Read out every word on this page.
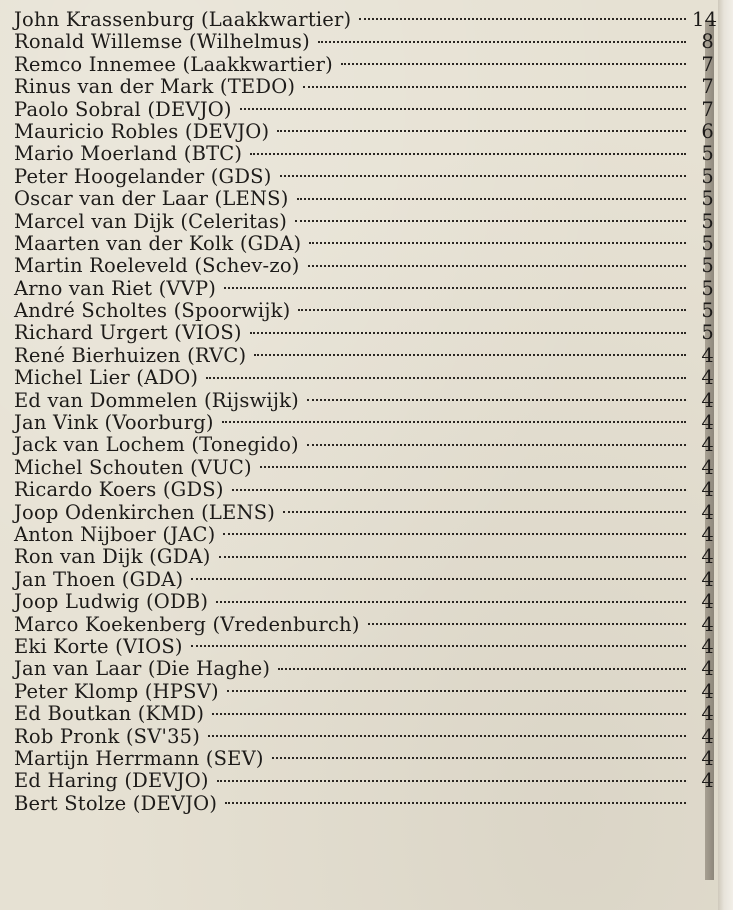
John Krassenburg (Laakkwartier)	14
Ronald Willemse (Wilhelmus)	8
Remco Innemee (Laakkwartier)	7
Rinus van der Mark (TEDO)	7
Paolo Sobral (DEVJO)	7
Mauricio Robles (DEVJO)	6
Mario Moerland (BTC)	5
Peter Hoogelander (GDS)	5
Oscar van der Laar (LENS)	5
Marcel van Dijk (Celeritas)	5
Maarten van der Kolk (GDA)	5
Martin Roeleveld (Schev-zo)	5
Arno van Riet (VVP)	5
André Scholtes (Spoorwijk)	5
Richard Urgert (VIOS)	5
René Bierhuizen (RVC)	4
Michel Lier (ADO)	4
Ed van Dommelen (Rijswijk)	4
Jan Vink (Voorburg)	4
Jack van Lochem (Tonegido)	4
Michel Schouten (VUC)	4
Ricardo Koers (GDS)	4
Joop Odenkirchen (LENS)	4
Anton Nijboer (JAC)	4
Ron van Dijk (GDA)	4
Jan Thoen (GDA)	4
Joop Ludwig (ODB)	4
Marco Koekenberg (Vredenburch)	4
Eki Korte (VIOS)	4
Jan van Laar (Die Haghe)	4
Peter Klomp (HPSV)	4
Ed Boutkan (KMD)	4
Rob Pronk (SV'35)	4
Martijn Herrmann (SEV)	4
Ed Haring (DEVJO)	4
Bert Stolze (DEVJO)
